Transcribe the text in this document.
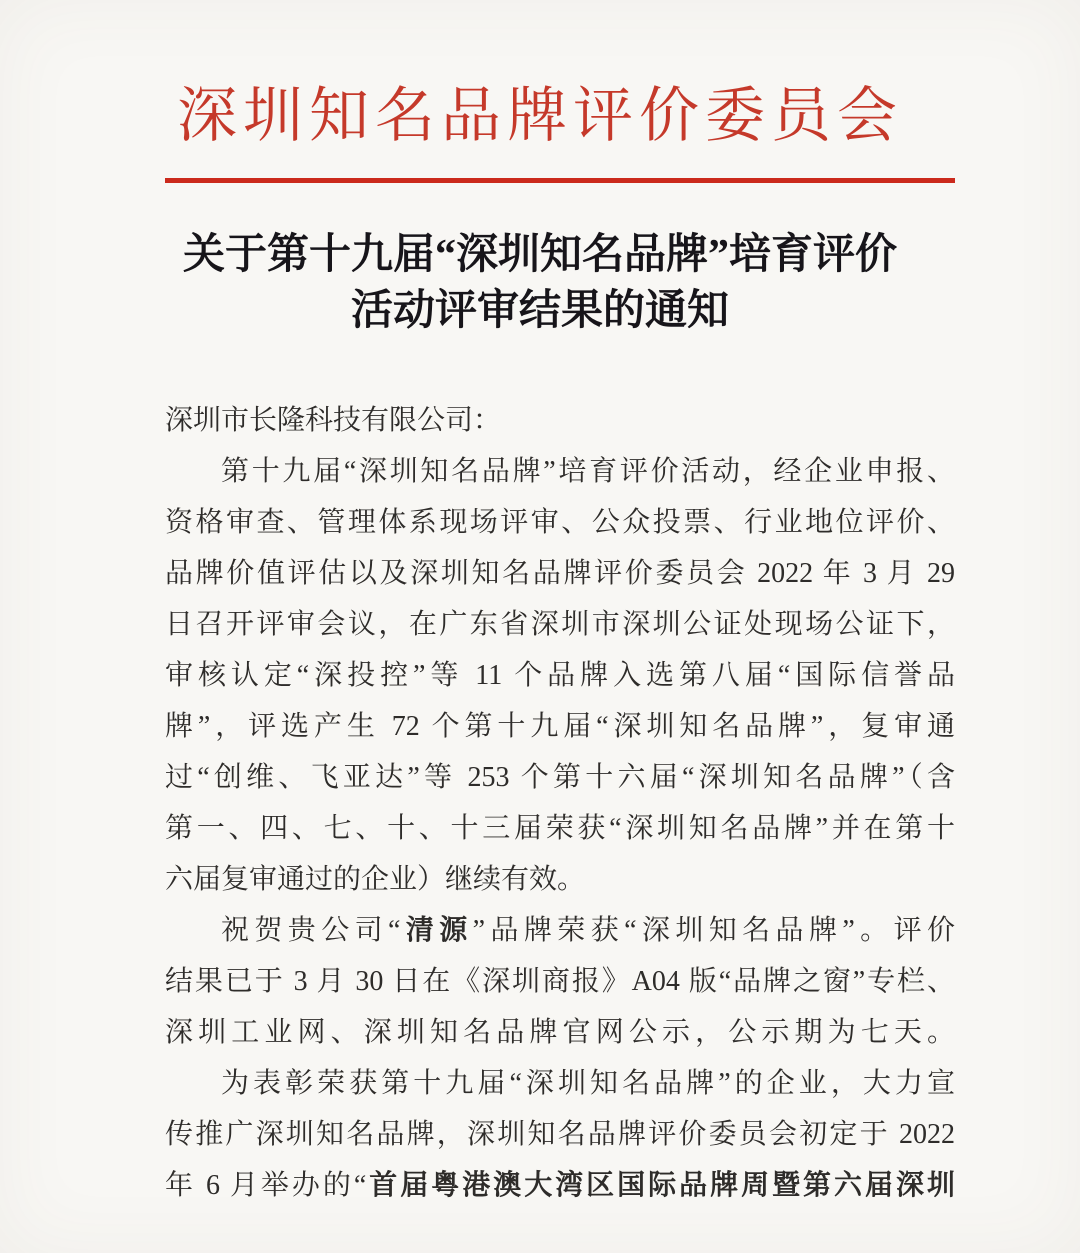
深圳知名品牌评价委员会
关于第十九届“深圳知名品牌”培育评价
活动评审结果的通知
深圳市长隆科技有限公司：
第十九届“深圳知名品牌”培育评价活动，经企业申报、
资格审查、管理体系现场评审、公众投票、行业地位评价、
品牌价值评估以及深圳知名品牌评价委员会 2022 年 3 月 29
日召开评审会议，在广东省深圳市深圳公证处现场公证下，
审核认定“深投控”等 11 个品牌入选第八届“国际信誉品
牌”，评选产生 72 个第十九届“深圳知名品牌”，复审通
过“创维、飞亚达”等 253 个第十六届“深圳知名品牌”（含
第一、四、七、十、十三届荣获“深圳知名品牌”并在第十
六届复审通过的企业）继续有效。
祝贺贵公司“清源”品牌荣获“深圳知名品牌”。评价
结果已于 3 月 30 日在《深圳商报》A04 版“品牌之窗”专栏、
深圳工业网、深圳知名品牌官网公示，公示期为七天。
为表彰荣获第十九届“深圳知名品牌”的企业，大力宣
传推广深圳知名品牌，深圳知名品牌评价委员会初定于 2022
年 6 月举办的“首届粤港澳大湾区国际品牌周暨第六届深圳
